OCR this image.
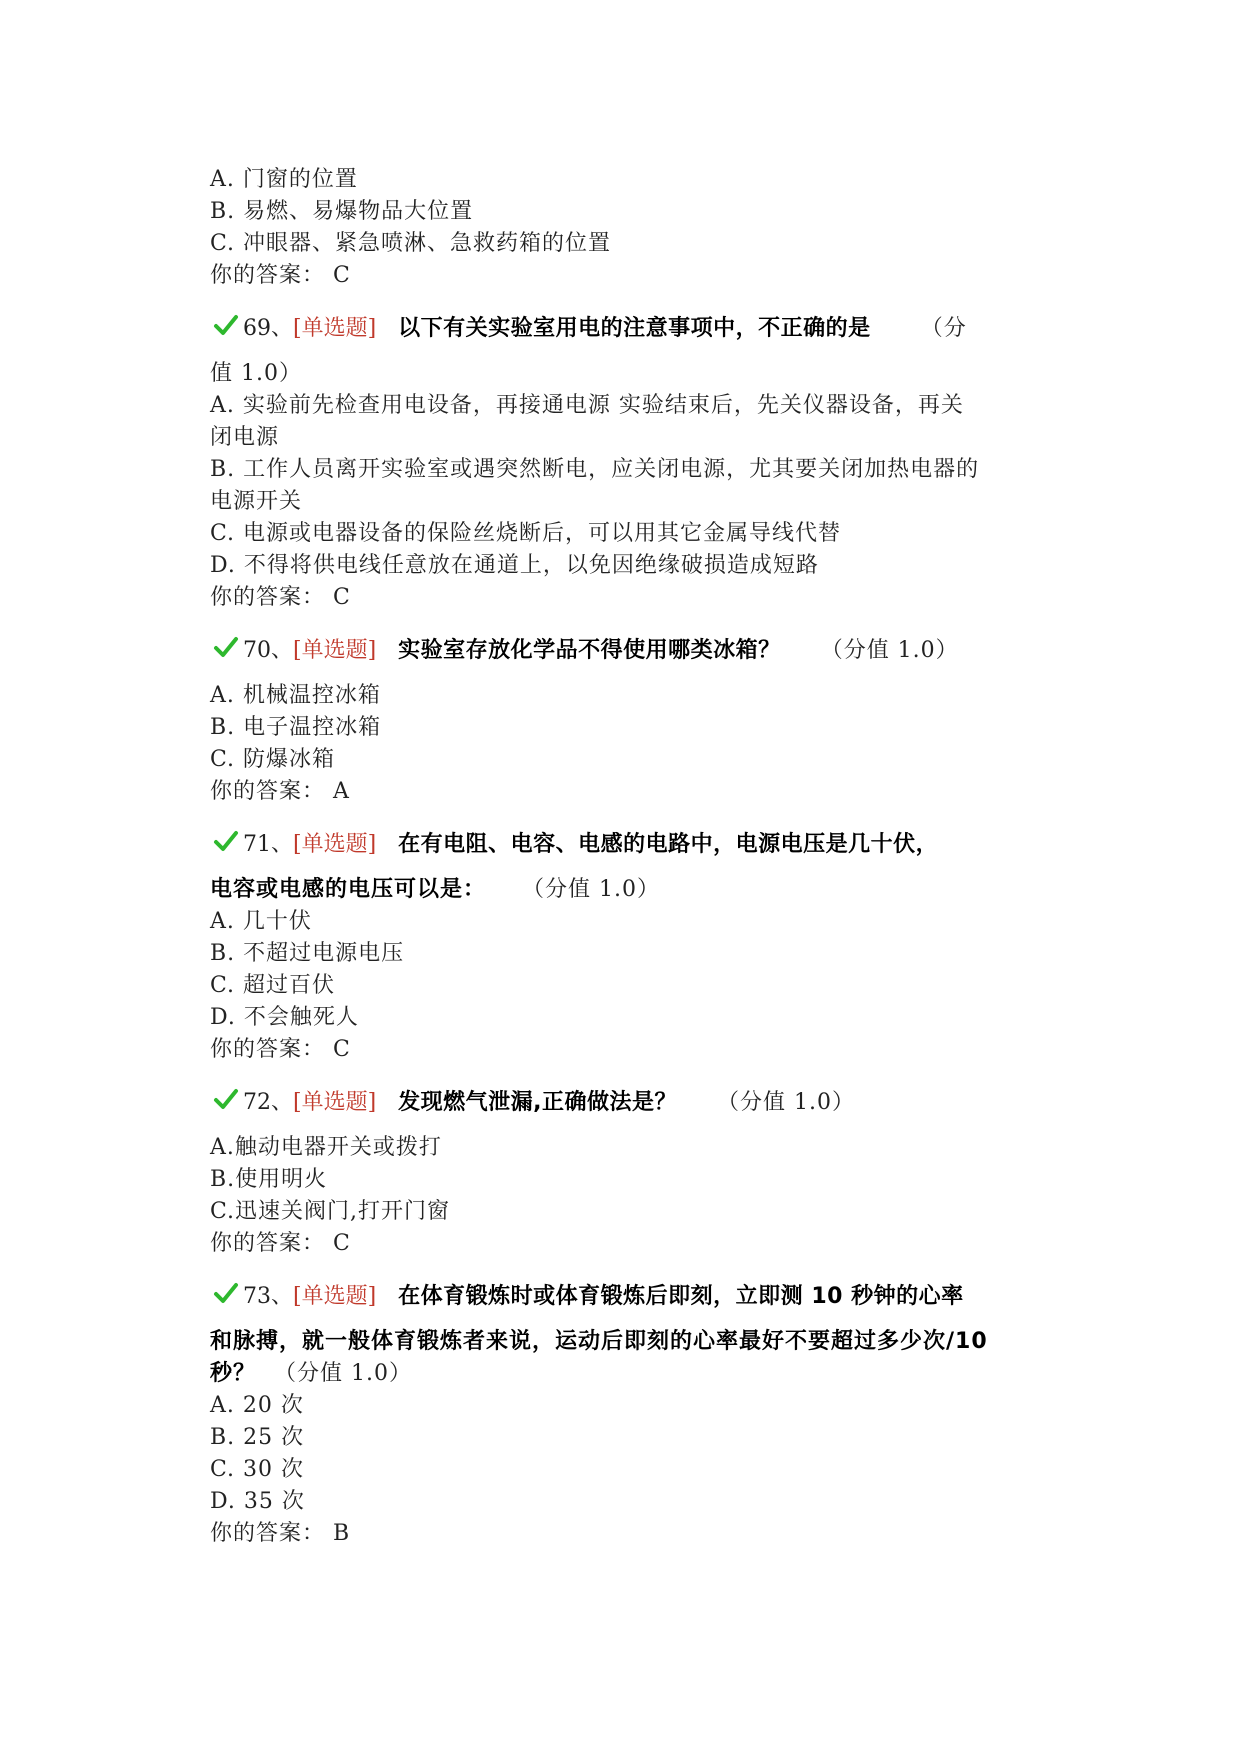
A. 门窗的位置
B. 易燃、易爆物品大位置
C. 冲眼器、紧急喷淋、急救药箱的位置
你的答案： C
69、[单选题] 以下有关实验室用电的注意事项中，不正确的是 （分
值 1.0）
A. 实验前先检查用电设备，再接通电源 实验结束后，先关仪器设备，再关
闭电源
B. 工作人员离开实验室或遇突然断电，应关闭电源，尤其要关闭加热电器的
电源开关
C. 电源或电器设备的保险丝烧断后，可以用其它金属导线代替
D. 不得将供电线任意放在通道上，以免因绝缘破损造成短路
你的答案： C
70、[单选题] 实验室存放化学品不得使用哪类冰箱？ （分值 1.0）
A. 机械温控冰箱
B. 电子温控冰箱
C. 防爆冰箱
你的答案： A
71、[单选题] 在有电阻、电容、电感的电路中，电源电压是几十伏，
电容或电感的电压可以是： （分值 1.0）
A. 几十伏
B. 不超过电源电压
C. 超过百伏
D. 不会触死人
你的答案： C
72、[单选题] 发现燃气泄漏,正确做法是？ （分值 1.0）
A.触动电器开关或拨打
B.使用明火
C.迅速关阀门,打开门窗
你的答案： C
73、[单选题] 在体育锻炼时或体育锻炼后即刻，立即测 10 秒钟的心率
和脉搏，就一般体育锻炼者来说，运动后即刻的心率最好不要超过多少次/10
秒？ （分值 1.0）
A. 20 次
B. 25 次
C. 30 次
D. 35 次
你的答案： B
